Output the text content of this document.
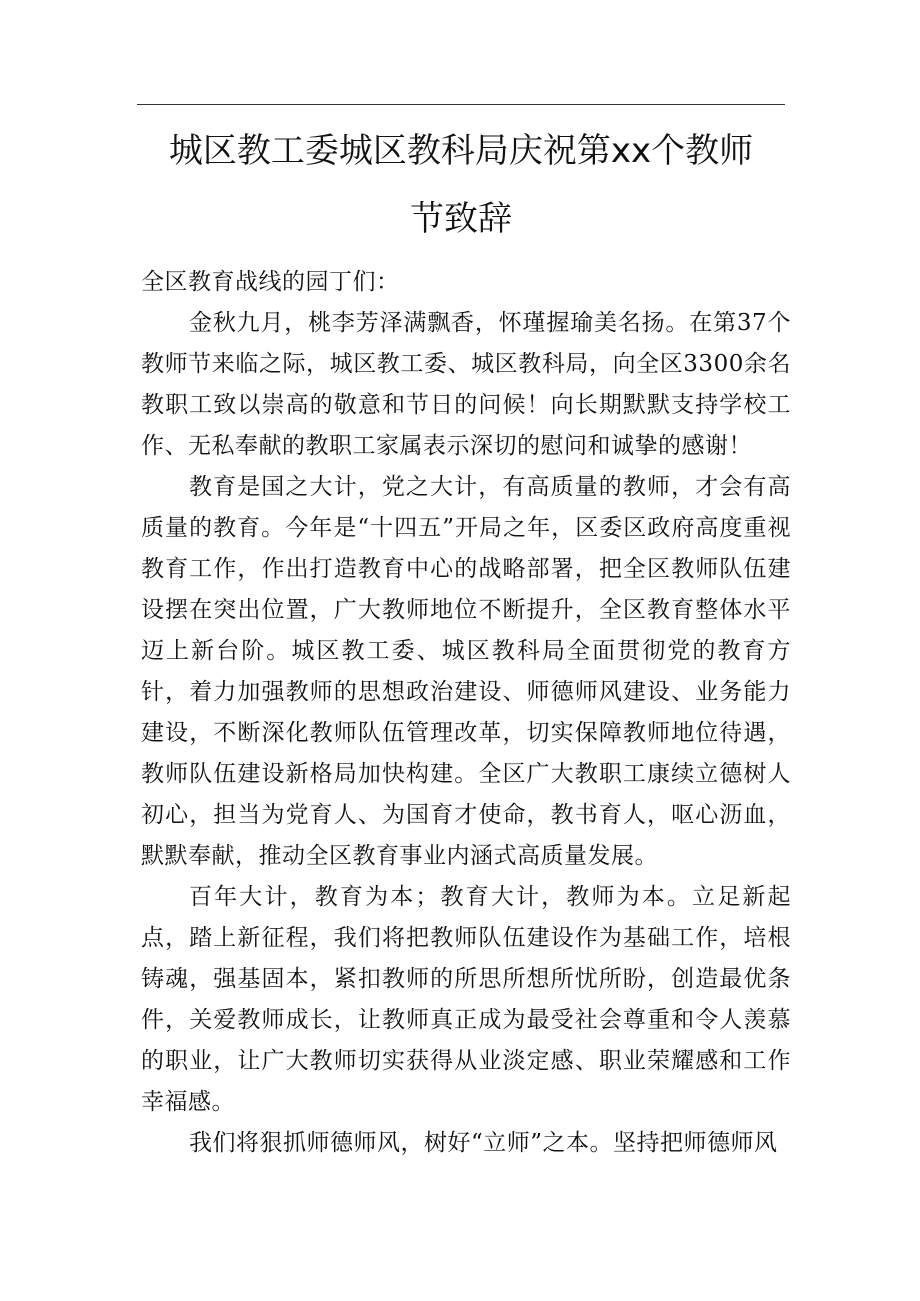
城区教工委城区教科局庆祝第xx个教师
节致辞

全区教育战线的园丁们：

金秋九月，桃李芳泽满飘香，怀瑾握瑜美名扬。在第37个教师节来临之际，城区教工委、城区教科局，向全区3300余名教职工致以崇高的敬意和节日的问候！向长期默默支持学校工作、无私奉献的教职工家属表示深切的慰问和诚挚的感谢！

教育是国之大计，党之大计，有高质量的教师，才会有高质量的教育。今年是“十四五”开局之年，区委区政府高度重视教育工作，作出打造教育中心的战略部署，把全区教师队伍建设摆在突出位置，广大教师地位不断提升，全区教育整体水平迈上新台阶。城区教工委、城区教科局全面贯彻党的教育方针，着力加强教师的思想政治建设、师德师风建设、业务能力建设，不断深化教师队伍管理改革，切实保障教师地位待遇，教师队伍建设新格局加快构建。全区广大教职工康续立德树人初心，担当为党育人、为国育才使命，教书育人，呕心沥血，默默奉献，推动全区教育事业内涵式高质量发展。

百年大计，教育为本；教育大计，教师为本。立足新起点，踏上新征程，我们将把教师队伍建设作为基础工作，培根铸魂，强基固本，紧扣教师的所思所想所忧所盼，创造最优条件，关爱教师成长，让教师真正成为最受社会尊重和令人羡慕的职业，让广大教师切实获得从业淡定感、职业荣耀感和工作幸福感。

我们将狠抓师德师风，树好“立师”之本。坚持把师德师风
